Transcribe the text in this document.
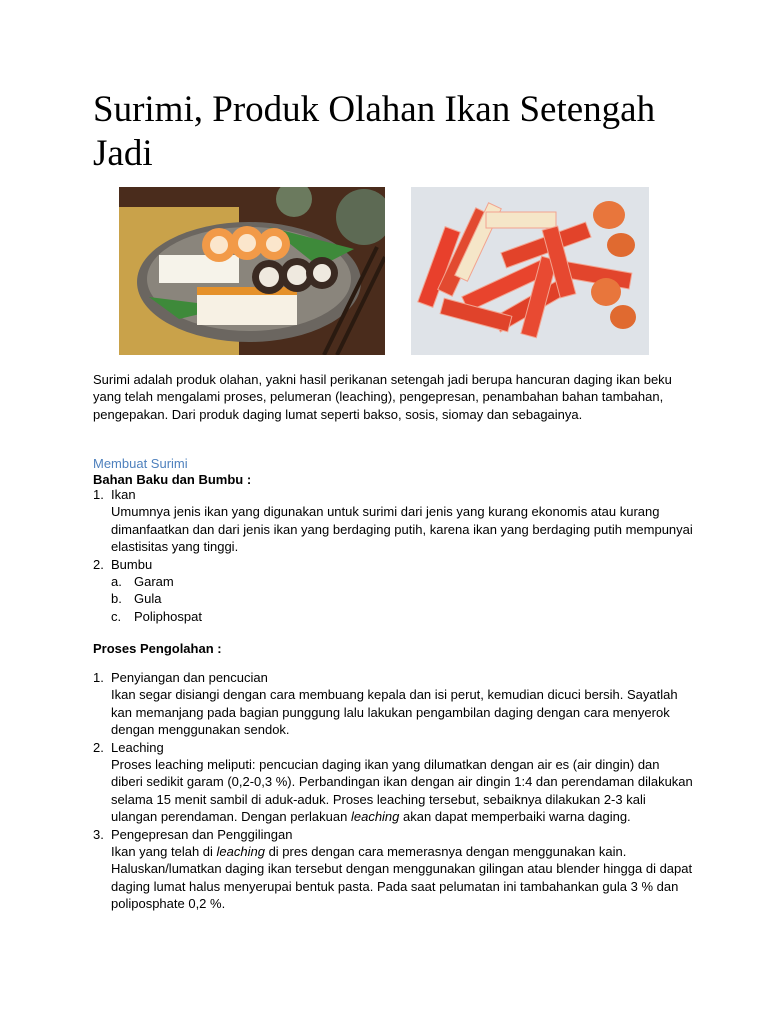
Surimi, Produk Olahan Ikan Setengah Jadi
Surimi adalah produk olahan, yakni hasil perikanan setengah jadi berupa hancuran daging ikan beku yang telah mengalami proses, pelumeran (leaching), pengepresan, penambahan bahan tambahan, pengepakan. Dari produk daging lumat seperti bakso, sosis, siomay dan sebagainya.
Membuat Surimi
Bahan Baku dan Bumbu :
1. Ikan
Umumnya jenis ikan yang digunakan untuk surimi dari jenis yang kurang ekonomis atau kurang dimanfaatkan dan dari jenis ikan yang berdaging putih, karena ikan yang berdaging putih mempunyai elastisitas yang tinggi.
2. Bumbu
a. Garam
b. Gula
c. Poliphospat
Proses Pengolahan :
1. Penyiangan dan pencucian
Ikan segar disiangi dengan cara membuang kepala dan isi perut, kemudian dicuci bersih. Sayatlah kan memanjang pada bagian punggung lalu lakukan pengambilan daging dengan cara menyerok dengan menggunakan sendok.
2. Leaching
Proses leaching meliputi: pencucian daging ikan yang dilumatkan dengan air es (air dingin) dan diberi sedikit garam (0,2-0,3 %). Perbandingan ikan dengan air dingin 1:4 dan perendaman dilakukan selama 15 menit sambil di aduk-aduk. Proses leaching tersebut, sebaiknya dilakukan 2-3 kali ulangan perendaman. Dengan perlakuan leaching akan dapat memperbaiki warna daging.
3. Pengepresan dan Penggilingan
Ikan yang telah di leaching di pres dengan cara memerasnya dengan menggunakan kain. Haluskan/lumatkan daging ikan tersebut dengan menggunakan gilingan atau blender hingga di dapat daging lumat halus menyerupai bentuk pasta. Pada saat pelumatan ini tambahankan gula 3 % dan poliposphate 0,2 %.
